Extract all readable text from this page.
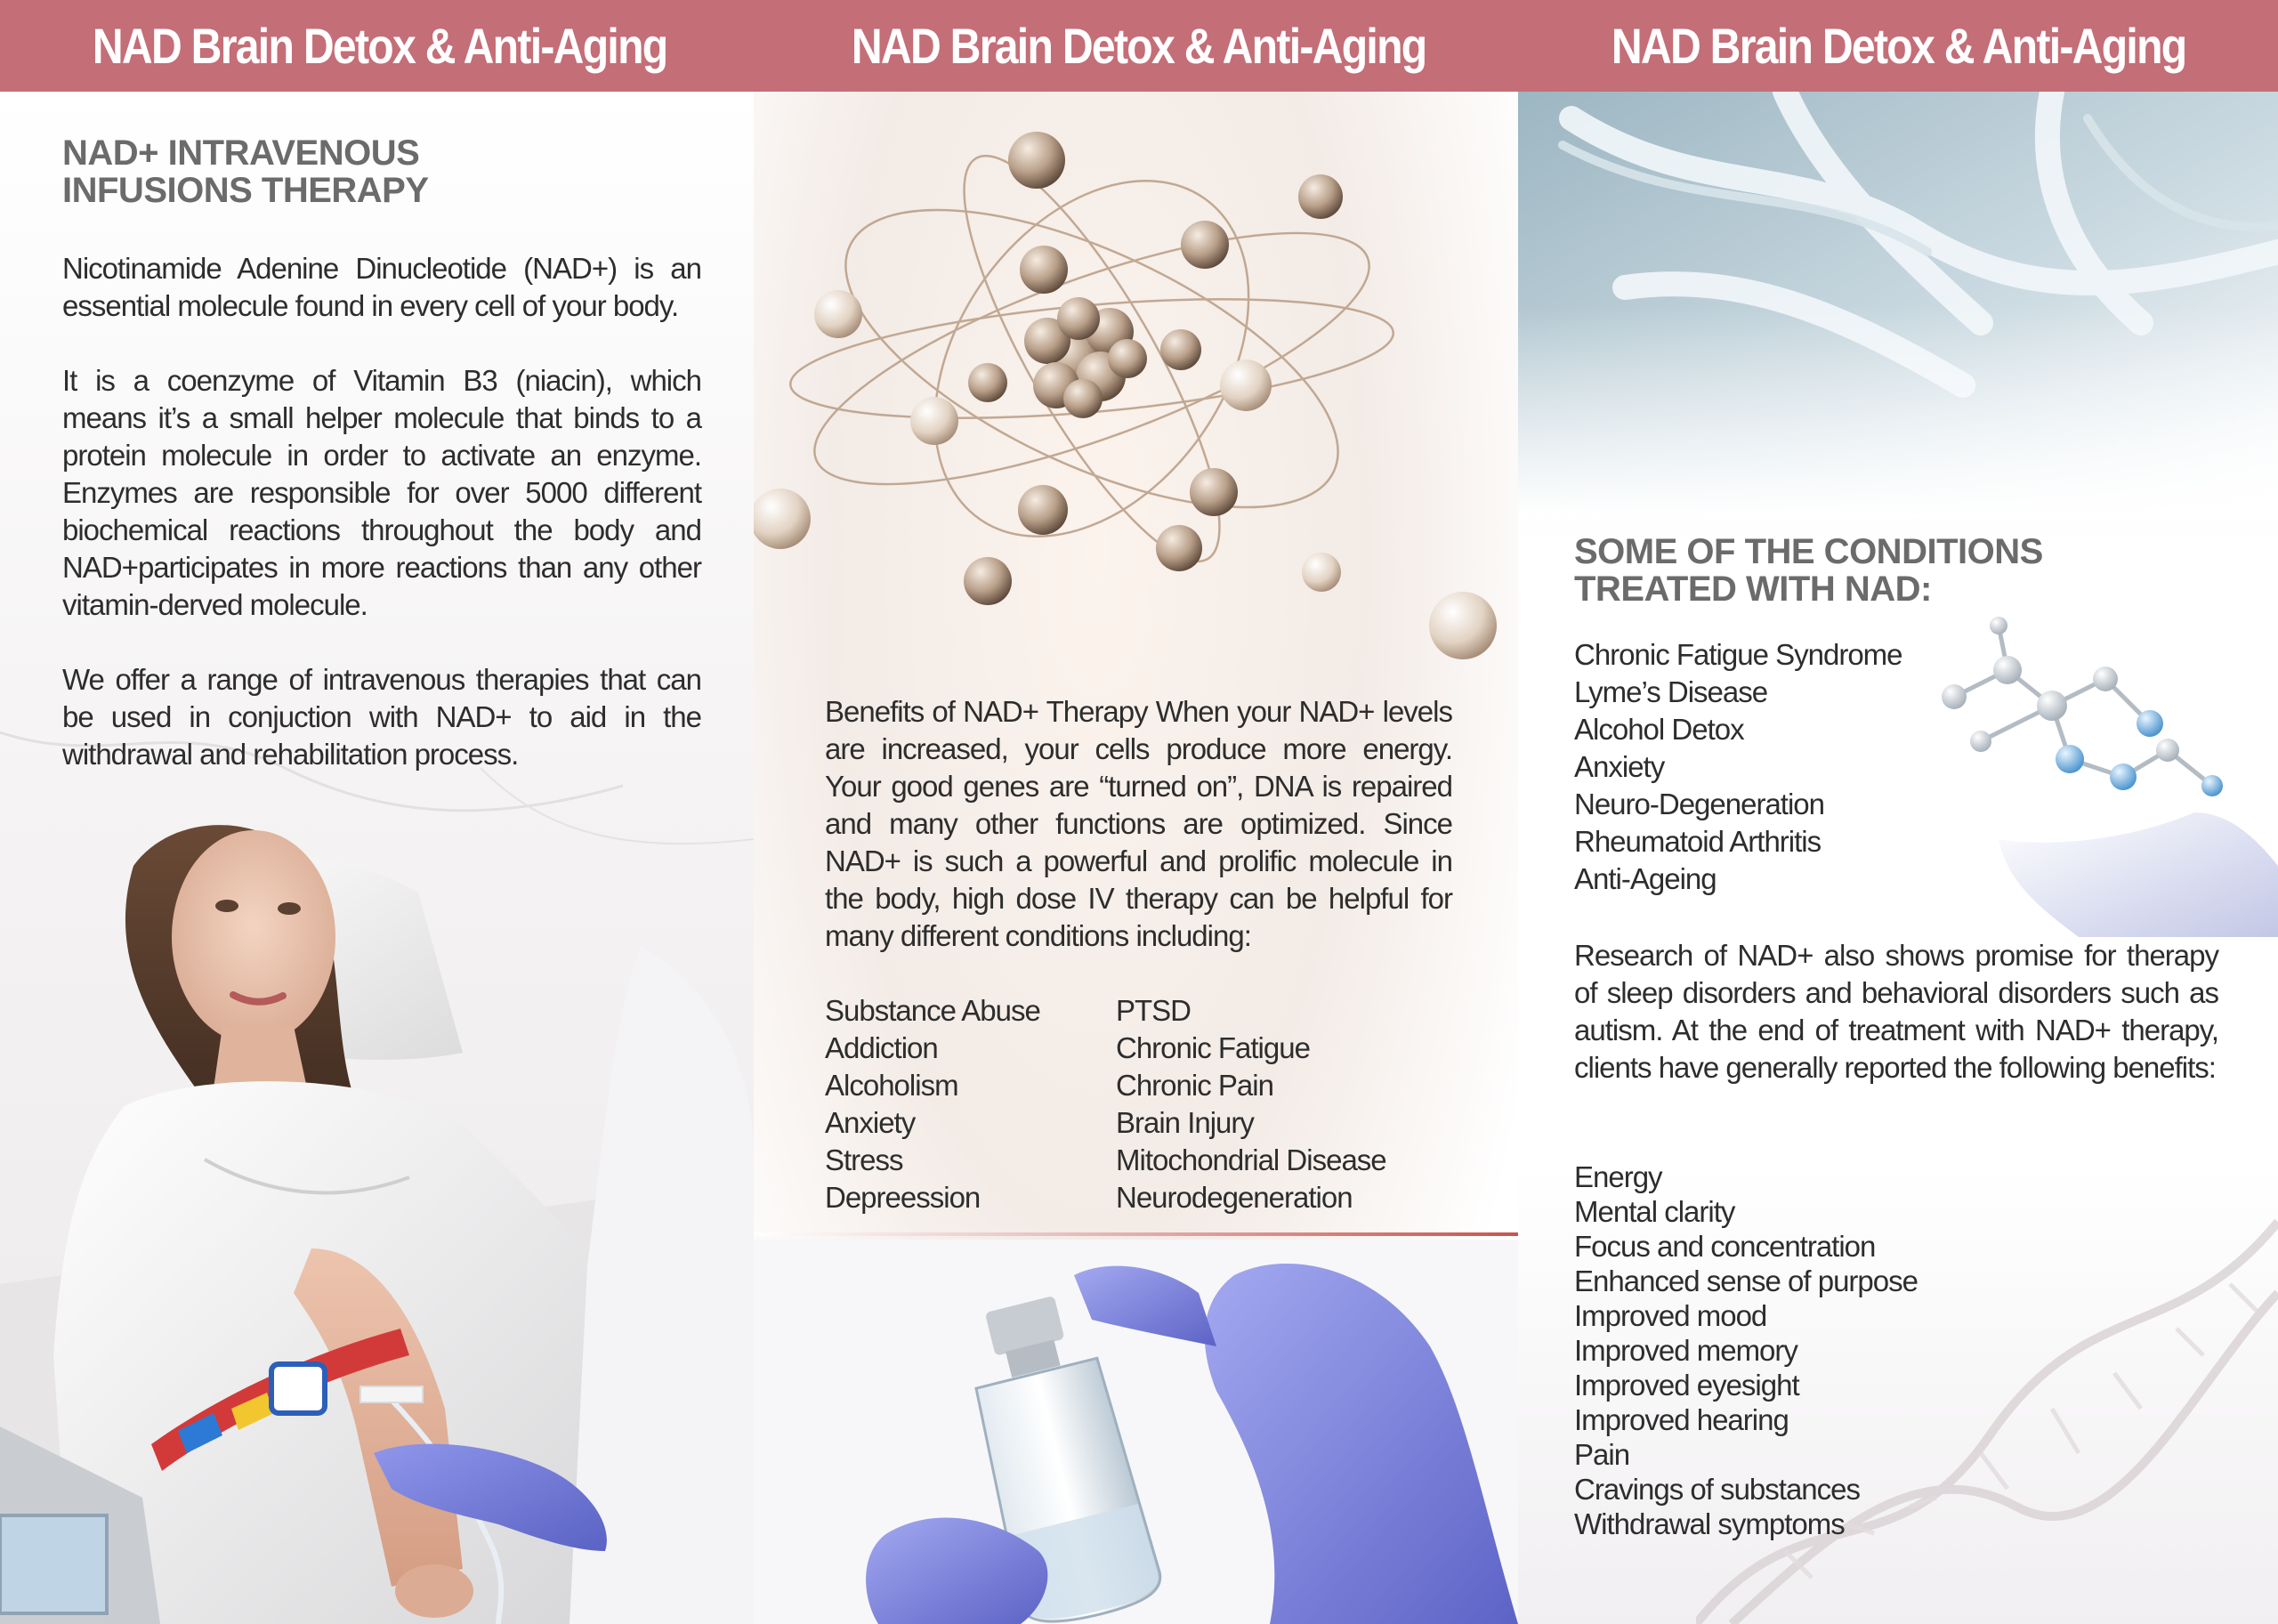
NAD Brain Detox & Anti-Aging	NAD Brain Detox & Anti-Aging	NAD Brain Detox & Anti-Aging
NAD+ INTRAVENOUS
INFUSIONS THERAPY

Nicotinamide Adenine Dinucleotide (NAD+) is an essential molecule found in every cell of your body.

It is a coenzyme of Vitamin B3 (niacin), which means it’s a small helper molecule that binds to a protein molecule in order to activate an enzyme. Enzymes are responsible for over 5000 different biochemical reactions throughout the body and NAD+participates in more reactions than any other vitamin-derved molecule.

We offer a range of intravenous therapies that can be used in conjuction with NAD+ to aid in the withdrawal and rehabilitation process.

Benefits of NAD+ Therapy When your NAD+ levels are increased, your cells produce more energy. Your good genes are “turned on”, DNA is repaired and many other functions are optimized. Since NAD+ is such a powerful and prolific molecule in the body, high dose IV therapy can be helpful for many different conditions including:

Substance Abuse
Addiction
Alcoholism
Anxiety
Stress
Depreession
PTSD
Chronic Fatigue
Chronic Pain
Brain Injury
Mitochondrial Disease
Neurodegeneration
SOME OF THE CONDITIONS
TREATED WITH NAD:
Chronic Fatigue Syndrome
Lyme’s Disease
Alcohol Detox
Anxiety
Neuro-Degeneration
Rheumatoid Arthritis
Anti-Ageing

Research of NAD+ also shows promise for therapy of sleep disorders and behavioral disorders such as autism. At the end of treatment with NAD+ therapy, clients have generally reported the following benefits:

Energy
Mental clarity
Focus and concentration
Enhanced sense of purpose
Improved mood
Improved memory
Improved eyesight
Improved hearing
Pain
Cravings of substances
Withdrawal symptoms
